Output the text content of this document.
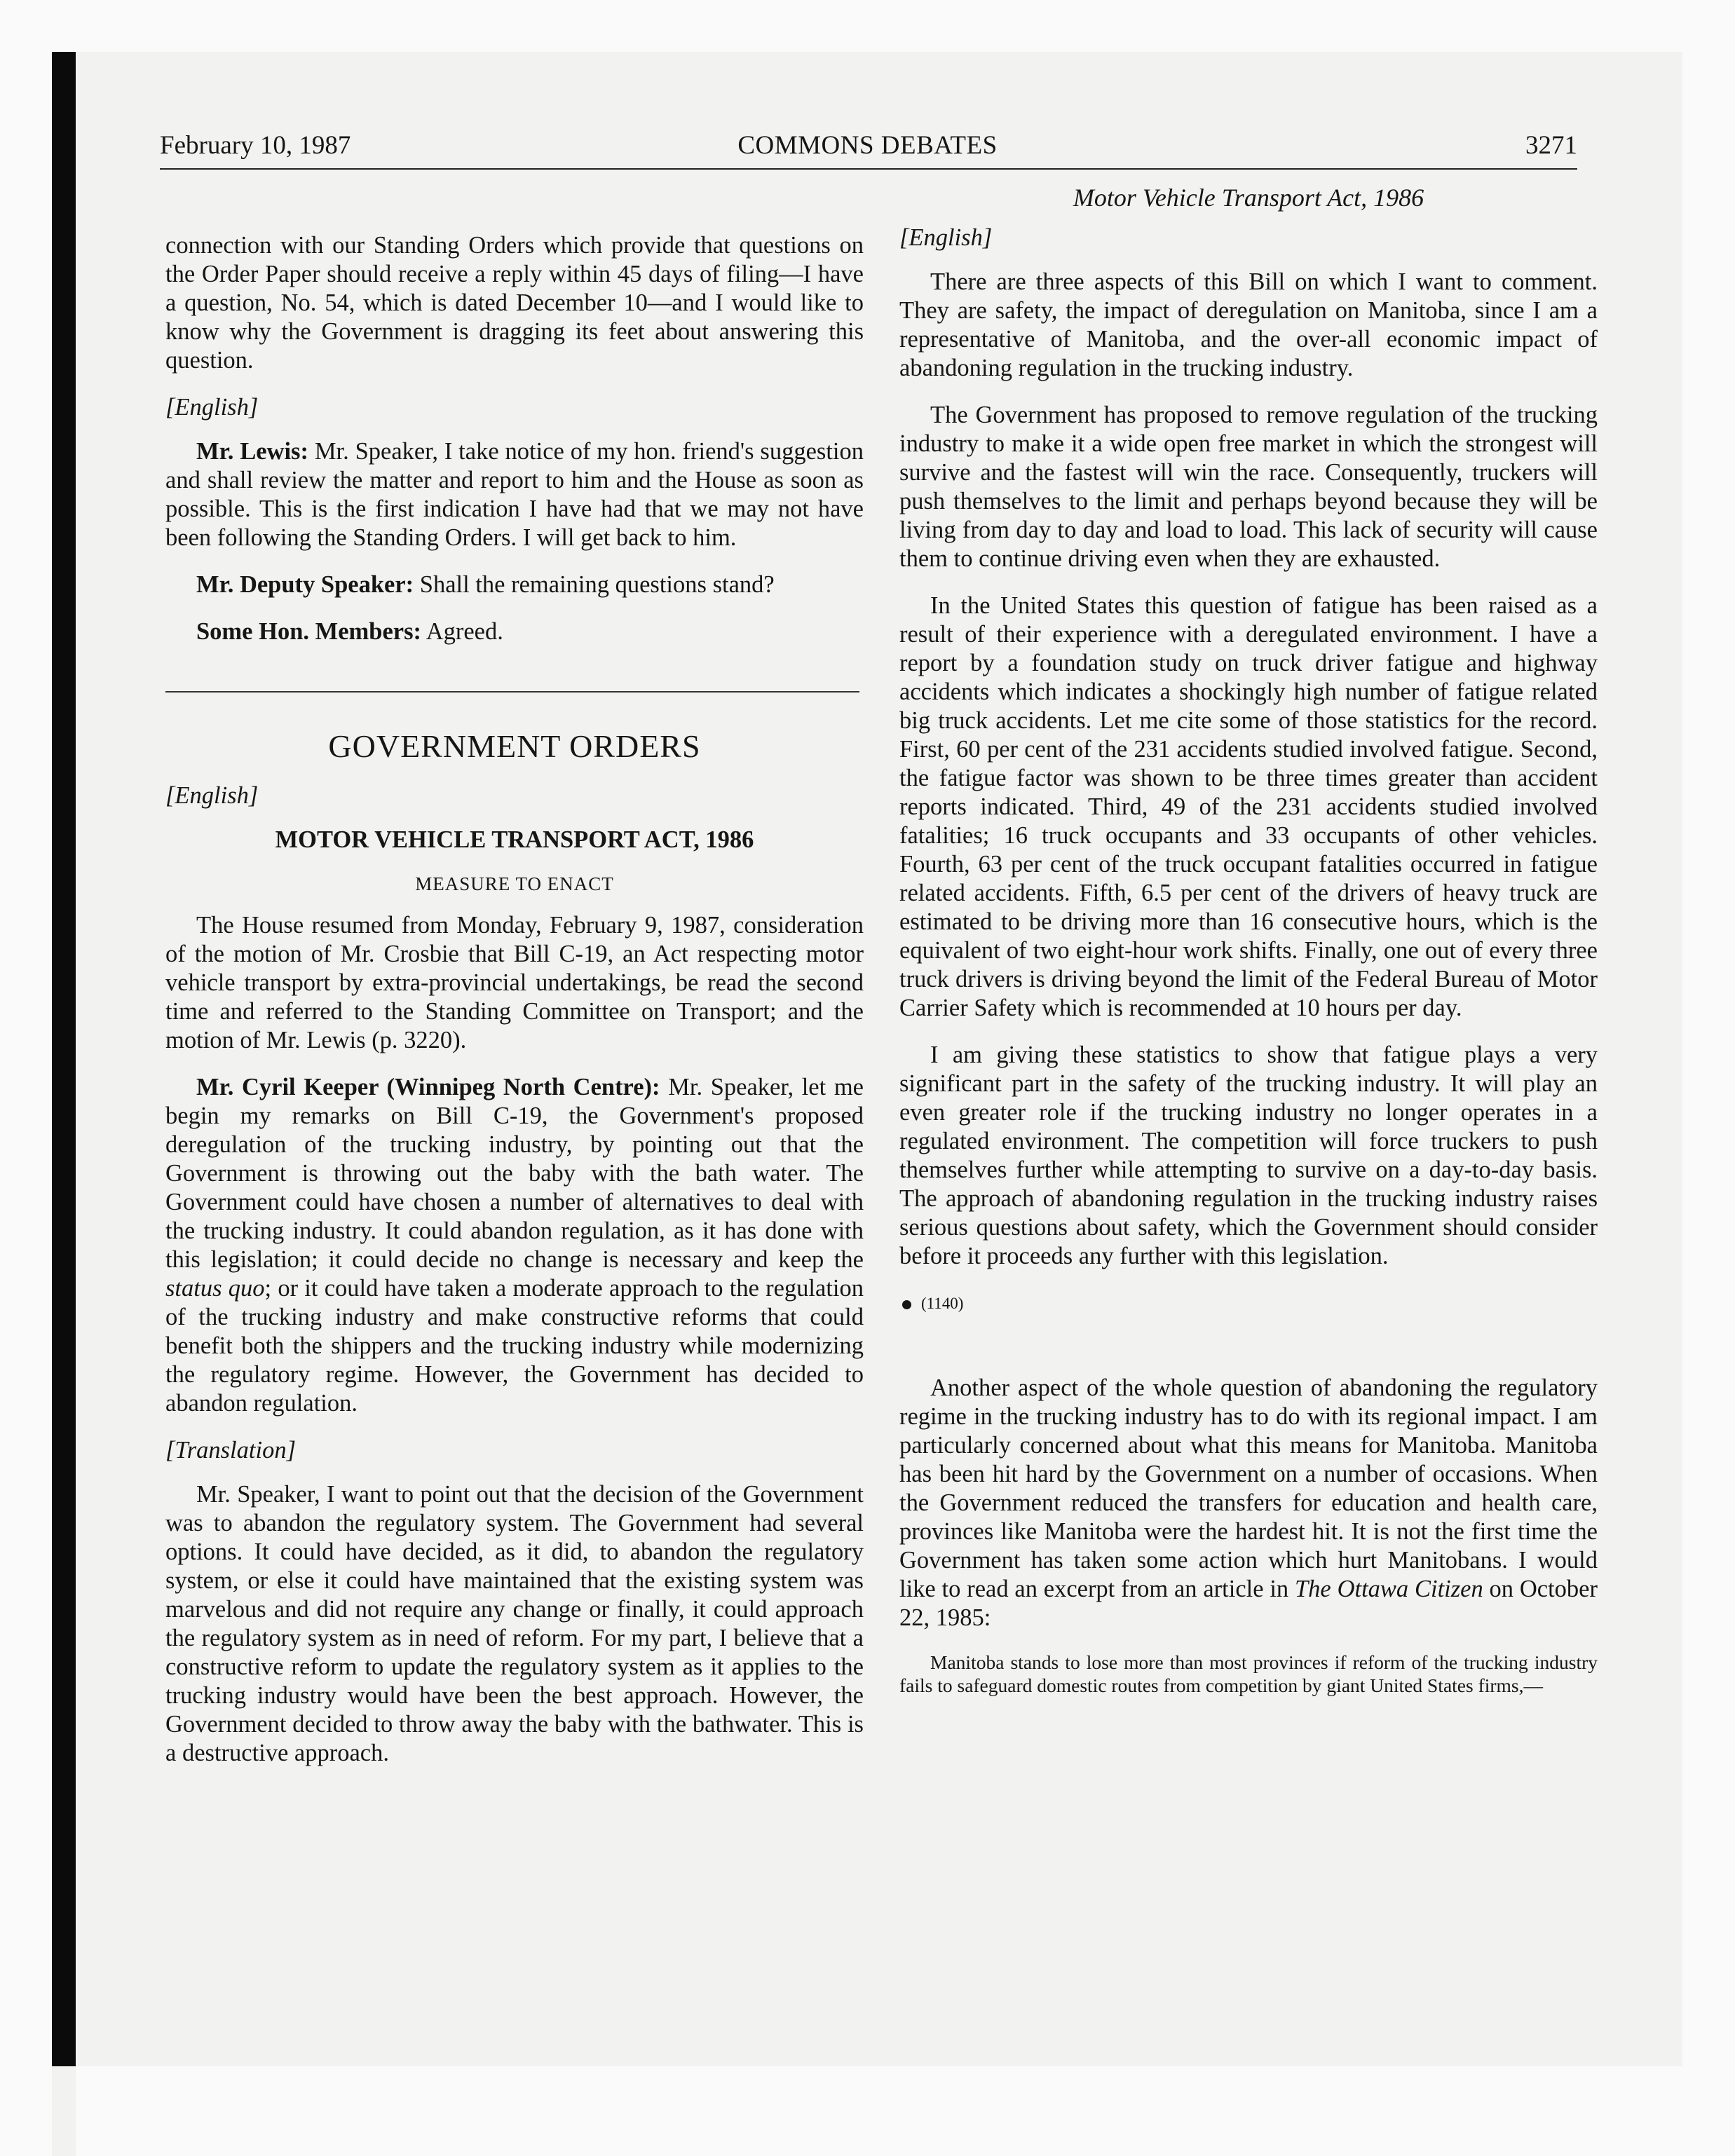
February 10, 1987	COMMONS DEBATES	3271

connection with our Standing Orders which provide that questions on the Order Paper should receive a reply within 45 days of filing—I have a question, No. 54, which is dated December 10—and I would like to know why the Government is dragging its feet about answering this question.

[English]

Mr. Lewis: Mr. Speaker, I take notice of my hon. friend's suggestion and shall review the matter and report to him and the House as soon as possible. This is the first indication I have had that we may not have been following the Standing Orders. I will get back to him.

Mr. Deputy Speaker: Shall the remaining questions stand?

Some Hon. Members: Agreed.

GOVERNMENT ORDERS
[English]
MOTOR VEHICLE TRANSPORT ACT, 1986
MEASURE TO ENACT

The House resumed from Monday, February 9, 1987, consideration of the motion of Mr. Crosbie that Bill C-19, an Act respecting motor vehicle transport by extra-provincial undertakings, be read the second time and referred to the Standing Committee on Transport; and the motion of Mr. Lewis (p. 3220).

Mr. Cyril Keeper (Winnipeg North Centre): Mr. Speaker, let me begin my remarks on Bill C-19, the Government's proposed deregulation of the trucking industry, by pointing out that the Government is throwing out the baby with the bath water. The Government could have chosen a number of alternatives to deal with the trucking industry. It could abandon regulation, as it has done with this legislation; it could decide no change is necessary and keep the status quo; or it could have taken a moderate approach to the regulation of the trucking industry and make constructive reforms that could benefit both the shippers and the trucking industry while modernizing the regulatory regime. However, the Government has decided to abandon regulation.

[Translation]

Mr. Speaker, I want to point out that the decision of the Government was to abandon the regulatory system. The Government had several options. It could have decided, as it did, to abandon the regulatory system, or else it could have maintained that the existing system was marvelous and did not require any change or finally, it could approach the regulatory system as in need of reform. For my part, I believe that a constructive reform to update the regulatory system as it applies to the trucking industry would have been the best approach. However, the Government decided to throw away the baby with the bathwater. This is a destructive approach.

Motor Vehicle Transport Act, 1986
[English]

There are three aspects of this Bill on which I want to comment. They are safety, the impact of deregulation on Manitoba, since I am a representative of Manitoba, and the over-all economic impact of abandoning regulation in the trucking industry.

The Government has proposed to remove regulation of the trucking industry to make it a wide open free market in which the strongest will survive and the fastest will win the race. Consequently, truckers will push themselves to the limit and perhaps beyond because they will be living from day to day and load to load. This lack of security will cause them to continue driving even when they are exhausted.

In the United States this question of fatigue has been raised as a result of their experience with a deregulated environment. I have a report by a foundation study on truck driver fatigue and highway accidents which indicates a shockingly high number of fatigue related big truck accidents. Let me cite some of those statistics for the record. First, 60 per cent of the 231 accidents studied involved fatigue. Second, the fatigue factor was shown to be three times greater than accident reports indicated. Third, 49 of the 231 accidents studied involved fatalities; 16 truck occupants and 33 occupants of other vehicles. Fourth, 63 per cent of the truck occupant fatalities occurred in fatigue related accidents. Fifth, 6.5 per cent of the drivers of heavy truck are estimated to be driving more than 16 consecutive hours, which is the equivalent of two eight-hour work shifts. Finally, one out of every three truck drivers is driving beyond the limit of the Federal Bureau of Motor Carrier Safety which is recommended at 10 hours per day.

I am giving these statistics to show that fatigue plays a very significant part in the safety of the trucking industry. It will play an even greater role if the trucking industry no longer operates in a regulated environment. The competition will force truckers to push themselves further while attempting to survive on a day-to-day basis. The approach of abandoning regulation in the trucking industry raises serious questions about safety, which the Government should consider before it proceeds any further with this legislation.

(1140)

Another aspect of the whole question of abandoning the regulatory regime in the trucking industry has to do with its regional impact. I am particularly concerned about what this means for Manitoba. Manitoba has been hit hard by the Government on a number of occasions. When the Government reduced the transfers for education and health care, provinces like Manitoba were the hardest hit. It is not the first time the Government has taken some action which hurt Manitobans. I would like to read an excerpt from an article in The Ottawa Citizen on October 22, 1985:

Manitoba stands to lose more than most provinces if reform of the trucking industry fails to safeguard domestic routes from competition by giant United States firms,—
